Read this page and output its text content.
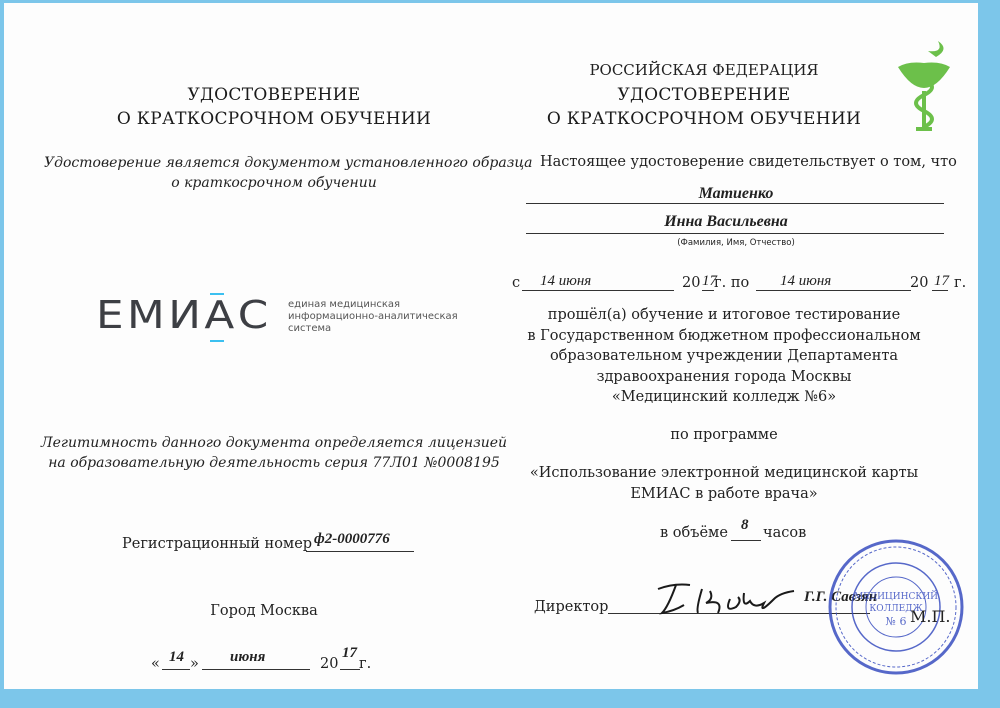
УДОСТОВЕРЕНИЕ
О КРАТКОСРОЧНОМ ОБУЧЕНИИ
Удостоверение является документом установленного образца
о краткосрочном обучении
ЕМИАС единая медицинская
информационно-аналитическая
система
Легитимность данного документа определяется лицензией
на образовательную деятельность серия 77Л01 №0008195
Регистрационный номер ф2-0000776
Город Москва
« 14 » июня	20
17
г.
РОССИЙСКАЯ ФЕДЕРАЦИЯ
УДОСТОВЕРЕНИЕ
О КРАТКОСРОЧНОМ ОБУЧЕНИИ
Настоящее удостоверение свидетельствует о том, что
Матиенко
Инна Васильевна
(Фамилия, Имя, Отчество)
с 14 июня	20 17
г. по 14 июня	20 17 г.
прошёл(а) обучение и итоговое тестирование
в Государственном бюджетном профессиональном
образовательном учреждении Департамента
здравоохранения города Москвы
«Медицинский колледж №6»
по программе
«Использование электронной медицинской карты
ЕМИАС в работе врача»
в объёме 8 часов
Директор
Г.Г. Савзян
МЕДИЦИНСКИЙ
КОЛЛЕДЖ
№ 6 М.П.
